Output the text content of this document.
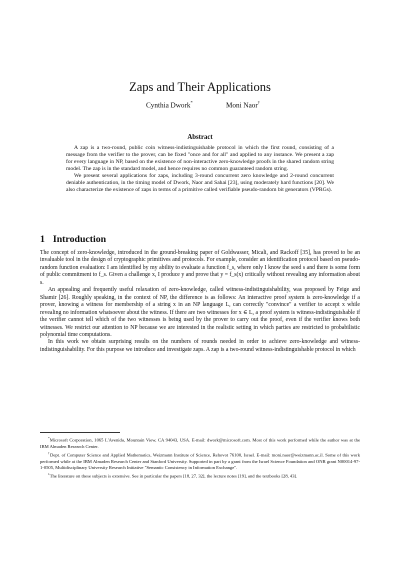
Zaps and Their Applications
Cynthia Dwork*	Moni Naor†
Abstract

A zap is a two-round, public coin witness-indistinguishable protocol in which the first round, consisting of a message from the verifier to the prover, can be fixed "once and for all" and applied to any instance. We present a zap for every language in NP, based on the existence of non-interactive zero-knowledge proofs in the shared random string model. The zap is in the standard model, and hence requires no common guaranteed random string.

We present several applications for zaps, including 3-round concurrent zero knowledge and 2-round concurrent deniable authentication, in the timing model of Dwork, Naor and Sahai [23], using moderately hard functions [20]. We also characterize the existence of zaps in terms of a primitive called verifiable pseudo-random bit generators (VPRGs).

1 Introduction

The concept of zero-knowledge, introduced in the ground-breaking paper of Goldwasser, Micali, and Rackoff [35], has proved to be an invaluable tool in the design of cryptographic primitives and protocols. For example, consider an identification protocol based on pseudo-random function evaluation: I am identified by my ability to evaluate a function f_s, where only I know the seed s and there is some form of public commitment to f_s. Given a challenge x, I produce y and prove that y = f_s(x) critically without revealing any information about s.

An appealing and frequently useful relaxation of zero-knowledge, called witness-indistinguishability, was proposed by Feige and Shamir [26]. Roughly speaking, in the context of NP, the difference is as follows: An interactive proof system is zero-knowledge if a prover, knowing a witness for membership of a string x in an NP language L, can correctly "convince" a verifier to accept x while revealing no information whatsoever about the witness. If there are two witnesses for x ∈ L, a proof system is witness-indistinguishable if the verifier cannot tell which of the two witnesses is being used by the prover to carry out the proof, even if the verifier knows both witnesses. We restrict our attention to NP because we are interested in the realistic setting in which parties are restricted to probabilistic polynomial time computations.

In this work we obtain surprising results on the numbers of rounds needed in order to achieve zero-knowledge and witness-indistinguishability. For this purpose we introduce and investigate zaps. A zap is a two-round witness-indistinguishable protocol in which

*Microsoft Corporation, 1065 L'Avenida, Mountain View, CA 94043, USA. E-mail: dwork@microsoft.com. Most of this work performed while the author was at the IBM Almaden Research Center.

†Dept. of Computer Science and Applied Mathematics, Weizmann Institute of Science, Rehovot 76100, Israel. E-mail: moni.naor@weizmann.ac.il. Some of this work performed while at the IBM Almaden Research Center and Stanford University. Supported in part by a grant from the Israel Science Foundation and ONR grant N00014-97-1-0505, Multidisciplinary University Research Initiative "Semantic Consistency in Information Exchange".

$^1$The literature on these subjects is extensive. See in particular the papers [18, 27, 32], the lecture notes [19], and the textbooks [28, 43].
